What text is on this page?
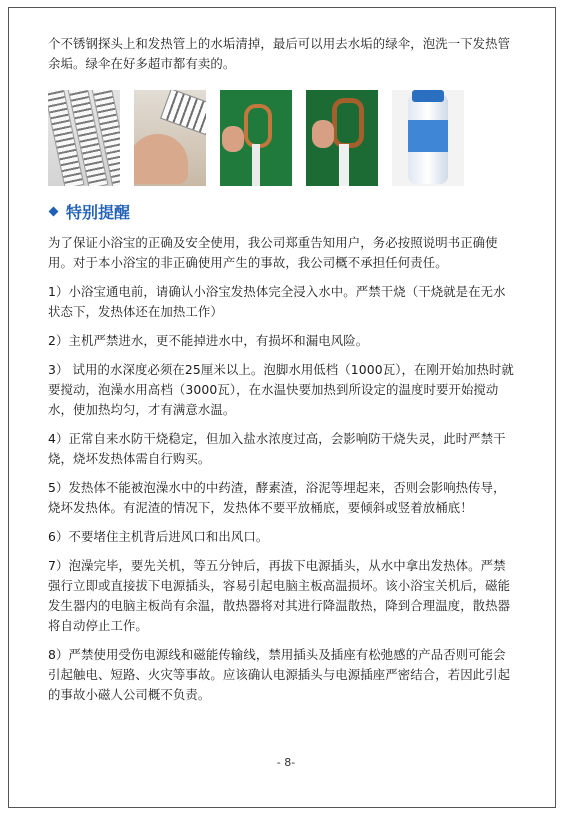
个不锈钢探头上和发热管上的水垢清掉，最后可以用去水垢的绿伞，泡洗一下发热管余垢。绿伞在好多超市都有卖的。

特别提醒

为了保证小浴宝的正确及安全使用，我公司郑重告知用户，务必按照说明书正确使用。对于本小浴宝的非正确使用产生的事故，我公司概不承担任何责任。

1）小浴宝通电前，请确认小浴宝发热体完全浸入水中。严禁干烧（干烧就是在无水状态下，发热体还在加热工作）

2）主机严禁进水，更不能掉进水中，有损坏和漏电风险。

3） 试用的水深度必须在25厘米以上。泡脚水用低档（1000瓦），在刚开始加热时就要搅动，泡澡水用高档（3000瓦），在水温快要加热到所设定的温度时要开始搅动水，使加热均匀，才有满意水温。

4）正常自来水防干烧稳定，但加入盐水浓度过高，会影响防干烧失灵，此时严禁干烧，烧坏发热体需自行购买。

5）发热体不能被泡澡水中的中药渣，酵素渣，浴泥等埋起来，否则会影响热传导，烧坏发热体。有泥渣的情况下，发热体不要平放桶底，要倾斜或竖着放桶底！

6）不要堵住主机背后进风口和出风口。

7）泡澡完毕，要先关机，等五分钟后，再拔下电源插头，从水中拿出发热体。严禁强行立即或直接拔下电源插头，容易引起电脑主板高温损坏。该小浴宝关机后，磁能发生器内的电脑主板尚有余温，散热器将对其进行降温散热，降到合理温度，散热器将自动停止工作。

8）严禁使用受伤电源线和磁能传输线，禁用插头及插座有松弛感的产品否则可能会引起触电、短路、火灾等事故。应该确认电源插头与电源插座严密结合，若因此引起的事故小磁人公司概不负责。

- 8-
